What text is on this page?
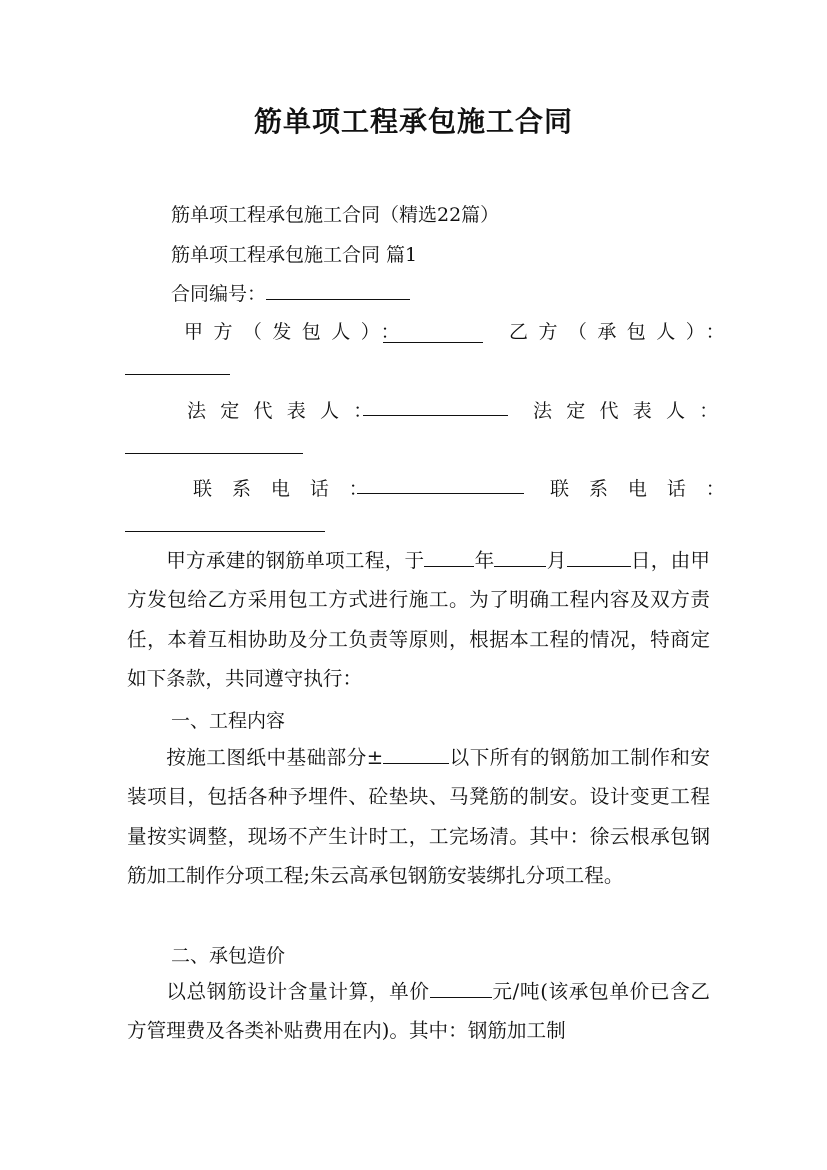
筋单项工程承包施工合同
筋单项工程承包施工合同（精选22篇）
筋单项工程承包施工合同 篇1
合同编号：
甲方（发包人）：	乙方（承包人）：
法定代表人：	法定代表人：
联系电话：	联系电话：
甲方承建的钢筋单项工程，于	年	月	日，由甲方发包给乙方采用包工方式进行施工。为了明确工程内容及双方责任，本着互相协助及分工负责等原则，根据本工程的情况，特商定如下条款，共同遵守执行：
一、工程内容
按施工图纸中基础部分±	以下所有的钢筋加工制作和安装项目，包括各种予埋件、砼垫块、马凳筋的制安。设计变更工程量按实调整，现场不产生计时工，工完场清。其中：徐云根承包钢筋加工制作分项工程;朱云高承包钢筋安装绑扎分项工程。
二、承包造价
以总钢筋设计含量计算，单价	元/吨(该承包单价已含乙方管理费及各类补贴费用在内)。其中：钢筋加工制
